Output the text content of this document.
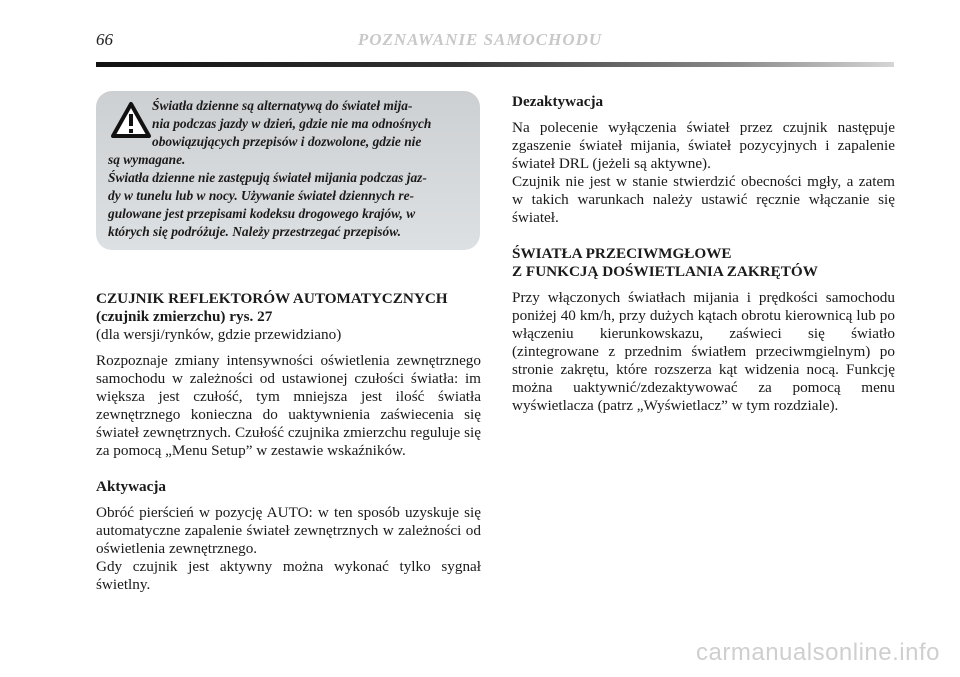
66	POZNAWANIE SAMOCHODU
Światła dzienne są alternatywą do świateł mija-
nia podczas jazdy w dzień, gdzie nie ma odnośnych
obowiązujących przepisów i dozwolone, gdzie nie
są wymagane.
Światła dzienne nie zastępują świateł mijania podczas jaz-
dy w tunelu lub w nocy. Używanie świateł dziennych re-
gulowane jest przepisami kodeksu drogowego krajów, w
których się podróżuje. Należy przestrzegać przepisów.
CZUJNIK REFLEKTORÓW AUTOMATYCZNYCH
(czujnik zmierzchu) rys. 27
(dla wersji/rynków, gdzie przewidziano)
Rozpoznaje zmiany intensywności oświetlenia zewnętrznego samochodu w zależności od ustawionej czułości światła: im większa jest czułość, tym mniejsza jest ilość światła zewnętrznego konieczna do uaktywnienia zaświecenia się świateł zewnętrznych. Czułość czujnika zmierzchu reguluje się za pomocą „Menu Setup” w zestawie wskaźników.
Aktywacja
Obróć pierścień w pozycję AUTO: w ten sposób uzyskuje się automatyczne zapalenie świateł zewnętrznych w zależności od oświetlenia zewnętrznego.
Gdy czujnik jest aktywny można wykonać tylko sygnał świetlny.
Dezaktywacja
Na polecenie wyłączenia świateł przez czujnik następuje zgaszenie świateł mijania, świateł pozycyjnych i zapalenie świateł DRL (jeżeli są aktywne).
Czujnik nie jest w stanie stwierdzić obecności mgły, a zatem w takich warunkach należy ustawić ręcznie włączanie się świateł.
ŚWIATŁA PRZECIWMGŁOWE
Z FUNKCJĄ DOŚWIETLANIA ZAKRĘTÓW
Przy włączonych światłach mijania i prędkości samochodu poniżej 40 km/h, przy dużych kątach obrotu kierownicą lub po włączeniu kierunkowskazu, zaświeci się światło (zintegrowane z przednim światłem przeciwmgielnym) po stronie zakrętu, które rozszerza kąt widzenia nocą. Funkcję można uaktywnić/zdezaktywować za pomocą menu wyświetlacza (patrz „Wyświetlacz” w tym rozdziale).
carmanualsonline.info
